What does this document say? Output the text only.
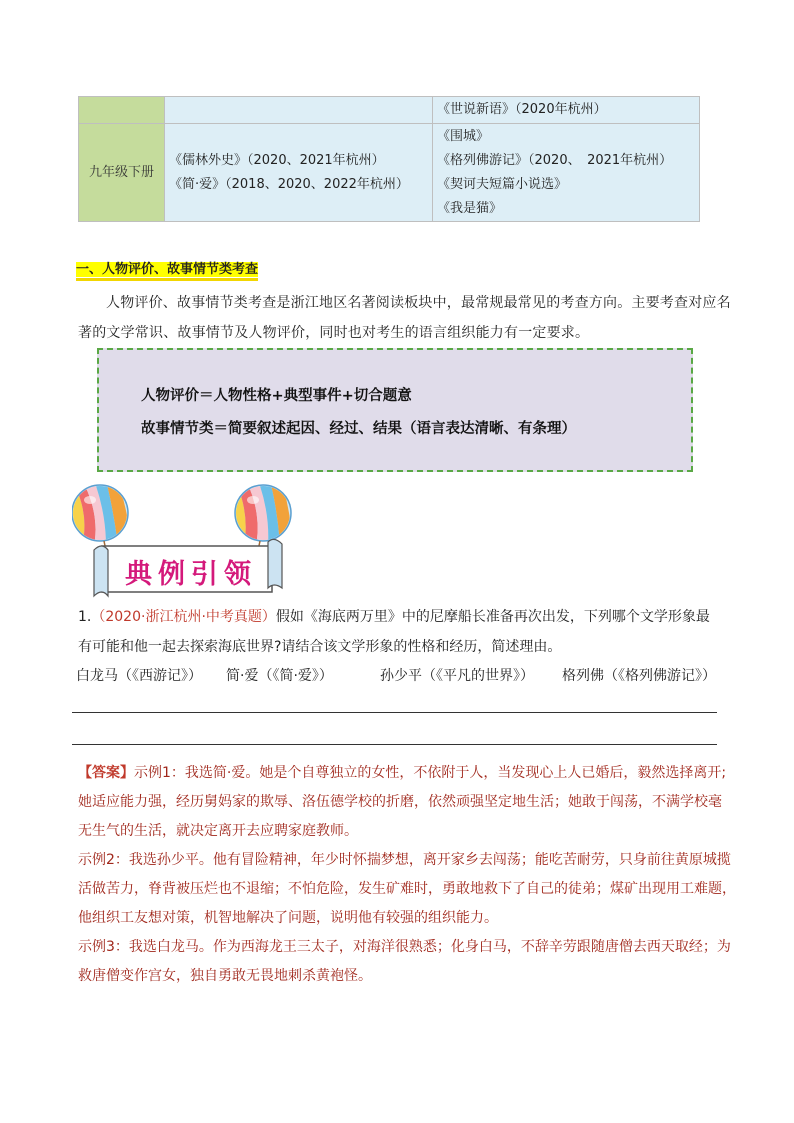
		《世说新语》（2020年杭州）

九年级下册	《儒林外史》（2020、2021年杭州）
《简·爱》（2018、2020、2022年杭州）	《围城》
《格列佛游记》（2020、　2021年杭州）
《契诃夫短篇小说选》
《我是猫》
一、人物评价、故事情节类考查
人物评价、故事情节类考查是浙江地区名著阅读板块中，最常规最常见的考查方向。主要考查对应名
著的文学常识、故事情节及人物评价，同时也对考生的语言组织能力有一定要求。
人物评价＝人物性格+典型事件+切合题意
故事情节类＝简要叙述起因、经过、结果（语言表达清晰、有条理）
典例引领
1.（2020·浙江杭州·中考真题）假如《海底两万里》中的尼摩船长准备再次出发，下列哪个文学形象最
有可能和他一起去探索海底世界?请结合该文学形象的性格和经历，简述理由。
白龙马（《西游记》） 简·爱（《简·爱》）	孙少平（《平凡的世界》） 格列佛（《格列佛游记》）

【答案】示例1：我选简·爱。她是个自尊独立的女性，不依附于人，当发现心上人已婚后，毅然选择离开;

她适应能力强，经历舅妈家的欺辱、洛伍德学校的折磨，依然顽强坚定地生活；她敢于闯荡，不满学校毫

无生气的生活，就决定离开去应聘家庭教师。

示例2：我选孙少平。他有冒险精神，年少时怀揣梦想，离开家乡去闯荡；能吃苦耐劳，只身前往黄原城揽

活做苦力，脊背被压烂也不退缩；不怕危险，发生矿难时，勇敢地救下了自己的徒弟；煤矿出现用工难题，

他组织工友想对策，机智地解决了问题，说明他有较强的组织能力。

示例3：我选白龙马。作为西海龙王三太子，对海洋很熟悉；化身白马，不辞辛劳跟随唐僧去西天取经；为

救唐僧变作宫女，独自勇敢无畏地刺杀黄袍怪。
